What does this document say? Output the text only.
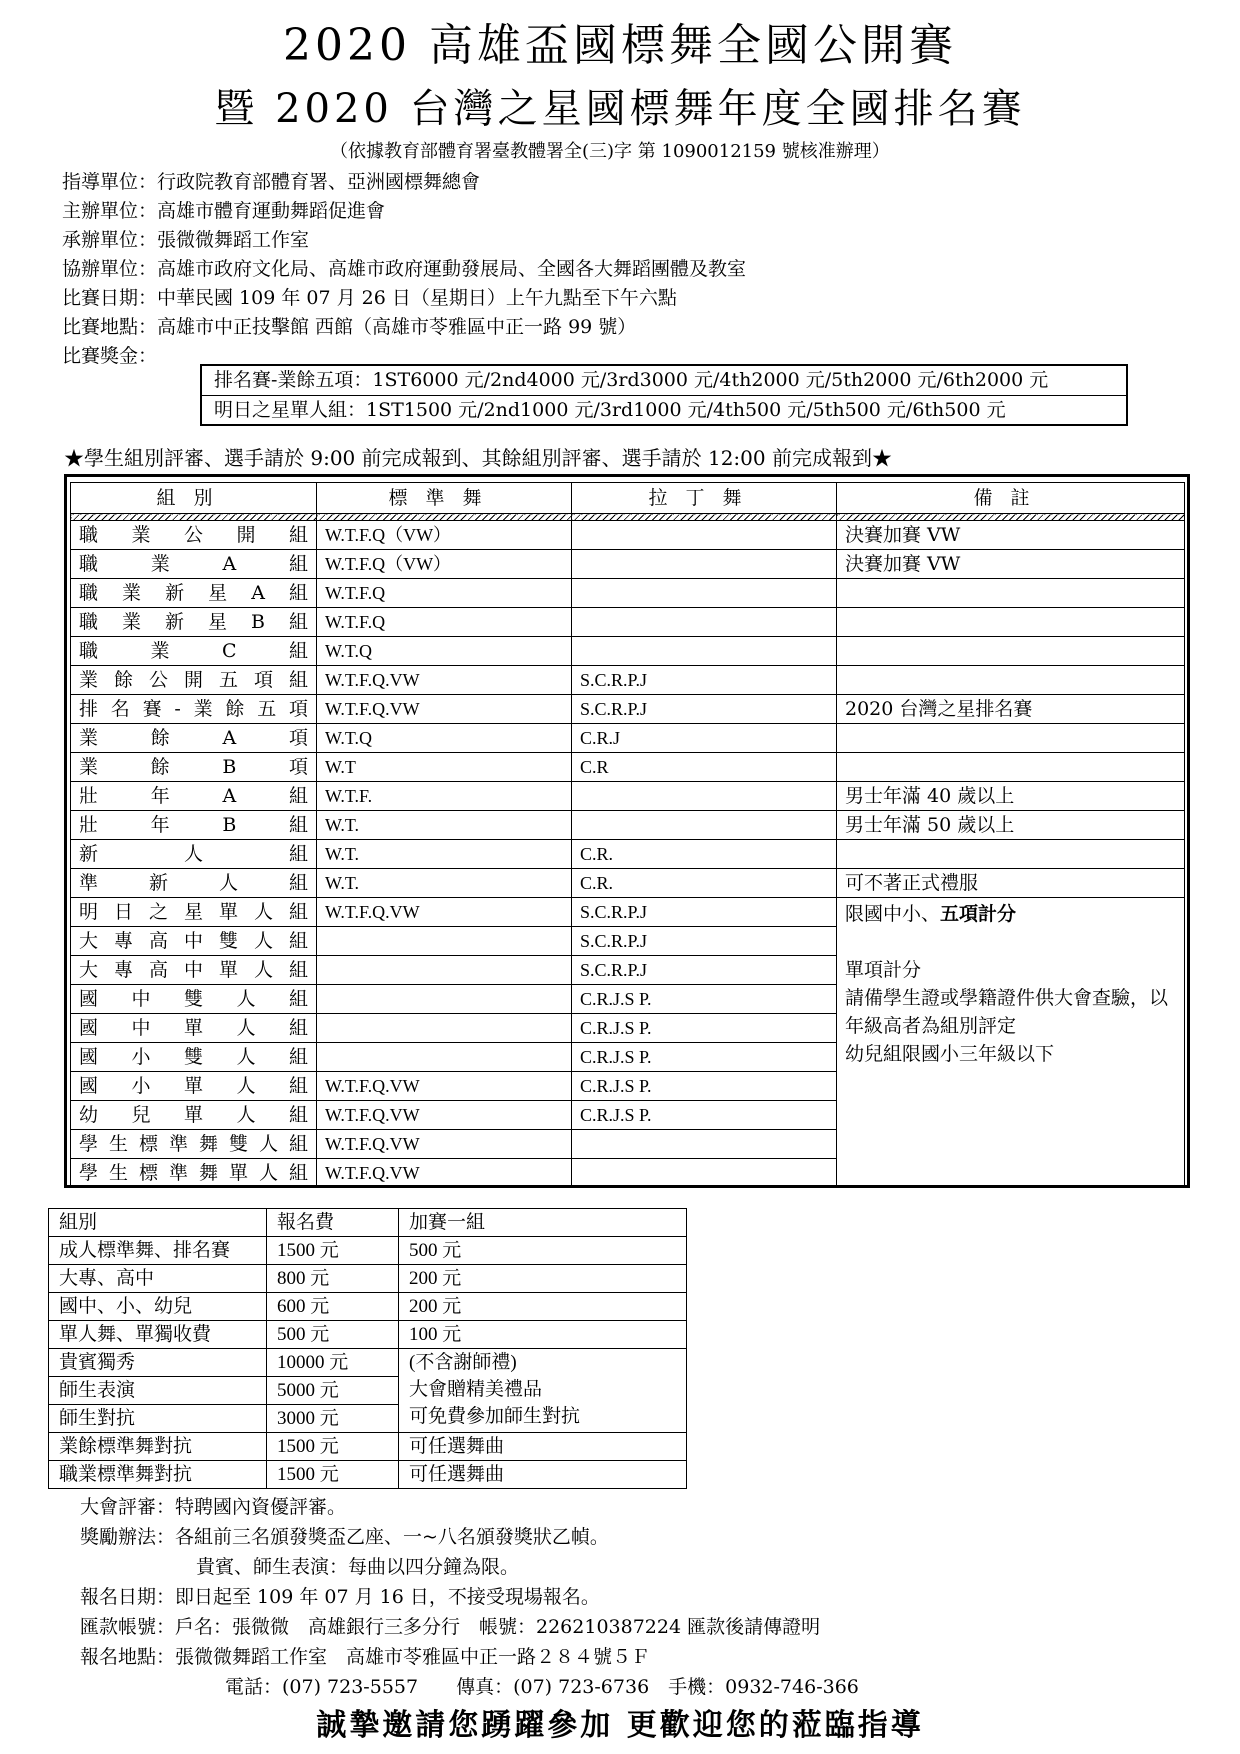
2020 高雄盃國標舞全國公開賽
暨 2020 台灣之星國標舞年度全國排名賽
（依據教育部體育署臺教體署全(三)字 第 1090012159 號核准辦理）
指導單位：行政院教育部體育署、亞洲國標舞總會
主辦單位：高雄市體育運動舞蹈促進會
承辦單位：張微微舞蹈工作室
協辦單位：高雄市政府文化局、高雄市政府運動發展局、全國各大舞蹈團體及教室
比賽日期：中華民國 109 年 07 月 26 日（星期日）上午九點至下午六點
比賽地點：高雄市中正技擊館 西館（高雄市苓雅區中正一路 99 號）
比賽獎金：
排名賽-業餘五項：1ST6000 元/2nd4000 元/3rd3000 元/4th2000 元/5th2000 元/6th2000 元
明日之星單人組：1ST1500 元/2nd1000 元/3rd1000 元/4th500 元/5th500 元/6th500 元
★學生組別評審、選手請於 9:00 前完成報到、其餘組別評審、選手請於 12:00 前完成報到★
組別	標準舞	拉丁舞	備註

職業公開組	W.T.F.Q（VW）		決賽加賽 VW
職業A組	W.T.F.Q（VW）		決賽加賽 VW
職業新星A組	W.T.F.Q		
職業新星B組	W.T.F.Q		
職業C組	W.T.Q		
業餘公開五項組	W.T.F.Q.VW	S.C.R.P.J	
排名賽-業餘五項	W.T.F.Q.VW	S.C.R.P.J	2020 台灣之星排名賽
業餘A項	W.T.Q	C.R.J	
業餘B項	W.T	C.R	
壯年A組	W.T.F.		男士年滿 40 歲以上
壯年B組	W.T.		男士年滿 50 歲以上
新人組	W.T.	C.R.	
準新人組	W.T.	C.R.	可不著正式禮服
明日之星單人組	W.T.F.Q.VW	S.C.R.P.J	限國中小、五項計分
單項計分
請備學生證或學籍證件供大會查驗，以年級高者為組別評定
幼兒組限國小三年級以下

大專高中雙人組		S.C.R.P.J	
大專高中單人組		S.C.R.P.J	
國中雙人組		C.R.J.S P.	
國中單人組		C.R.J.S P.	
國小雙人組		C.R.J.S P.	
國小單人組	W.T.F.Q.VW	C.R.J.S P.	
幼兒單人組	W.T.F.Q.VW	C.R.J.S P.	
學生標準舞雙人組	W.T.F.Q.VW		
學生標準舞單人組	W.T.F.Q.VW		
組別	報名費	加賽一組
成人標準舞、排名賽	1500 元	500 元
大專、高中	800 元	200 元
國中、小、幼兒	600 元	200 元
單人舞、單獨收費	500 元	100 元
貴賓獨秀	10000 元	(不含謝師禮)
大會贈精美禮品
可免費參加師生對抗

師生表演	5000 元	
師生對抗	3000 元	
業餘標準舞對抗	1500 元	可任選舞曲
職業標準舞對抗	1500 元	可任選舞曲
大會評審：特聘國內資優評審。
獎勵辦法：各組前三名頒發獎盃乙座、一~八名頒發獎狀乙幀。
貴賓、師生表演：每曲以四分鐘為限。
報名日期：即日起至 109 年 07 月 16 日，不接受現場報名。
匯款帳號：戶名：張微微　高雄銀行三多分行　帳號：226210387224 匯款後請傳證明
報名地點：張微微舞蹈工作室　高雄市苓雅區中正一路２８４號５Ｆ
電話：(07) 723-5557　　傳真：(07) 723-6736　手機：0932-746-366
誠摯邀請您踴躍參加 更歡迎您的蒞臨指導
